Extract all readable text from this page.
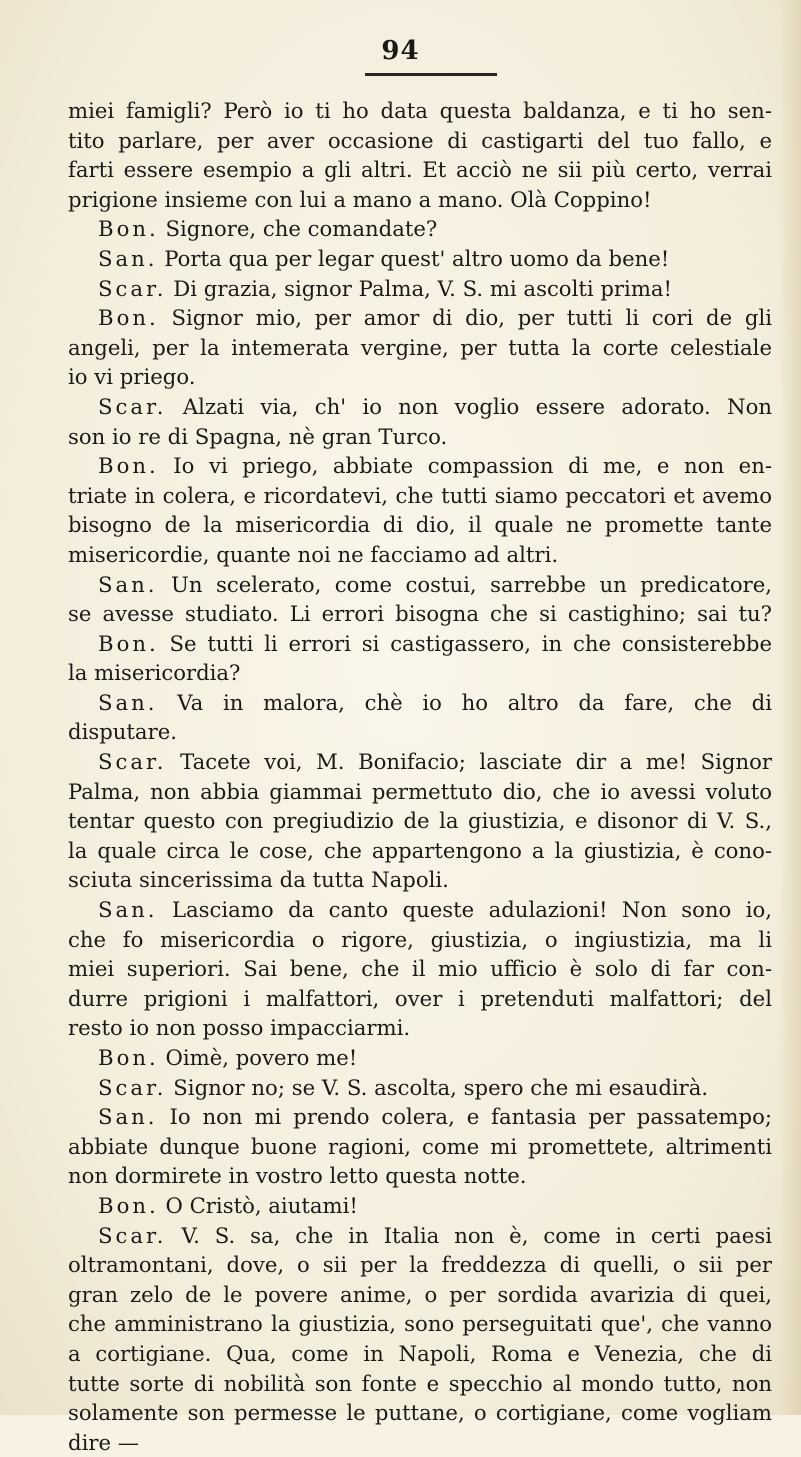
94
miei famigli? Però io ti ho data questa baldanza, e ti ho sen-
tito parlare, per aver occasione di castigarti del tuo fallo, e
farti essere esempio a gli altri. Et acciò ne sii più certo, verrai
prigione insieme con lui a mano a mano. Olà Coppino!
Bon. Signore, che comandate?
San. Porta qua per legar quest' altro uomo da bene!
Scar. Di grazia, signor Palma, V. S. mi ascolti prima!
Bon. Signor mio, per amor di dio, per tutti li cori de gli
angeli, per la intemerata vergine, per tutta la corte celestiale
io vi priego.
Scar. Alzati via, ch' io non voglio essere adorato. Non
son io re di Spagna, nè gran Turco.
Bon. Io vi priego, abbiate compassion di me, e non en-
triate in colera, e ricordatevi, che tutti siamo peccatori et avemo
bisogno de la misericordia di dio, il quale ne promette tante
misericordie, quante noi ne facciamo ad altri.
San. Un scelerato, come costui, sarrebbe un predicatore,
se avesse studiato. Li errori bisogna che si castighino; sai tu?
Bon. Se tutti li errori si castigassero, in che consisterebbe
la misericordia?
San. Va in malora, chè io ho altro da fare, che di
disputare.
Scar. Tacete voi, M. Bonifacio; lasciate dir a me! Signor
Palma, non abbia giammai permettuto dio, che io avessi voluto
tentar questo con pregiudizio de la giustizia, e disonor di V. S.,
la quale circa le cose, che appartengono a la giustizia, è cono-
sciuta sincerissima da tutta Napoli.
San. Lasciamo da canto queste adulazioni! Non sono io,
che fo misericordia o rigore, giustizia, o ingiustizia, ma li
miei superiori. Sai bene, che il mio ufficio è solo di far con-
durre prigioni i malfattori, over i pretenduti malfattori; del
resto io non posso impacciarmi.
Bon. Oimè, povero me!
Scar. Signor no; se V. S. ascolta, spero che mi esaudirà.
San. Io non mi prendo colera, e fantasia per passatempo;
abbiate dunque buone ragioni, come mi promettete, altrimenti
non dormirete in vostro letto questa notte.
Bon. O Cristò, aiutami!
Scar. V. S. sa, che in Italia non è, come in certi paesi
oltramontani, dove, o sii per la freddezza di quelli, o sii per
gran zelo de le povere anime, o per sordida avarizia di quei,
che amministrano la giustizia, sono perseguitati que', che vanno
a cortigiane. Qua, come in Napoli, Roma e Venezia, che di
tutte sorte di nobilità son fonte e specchio al mondo tutto, non
solamente son permesse le puttane, o cortigiane, come vogliam
dire —
